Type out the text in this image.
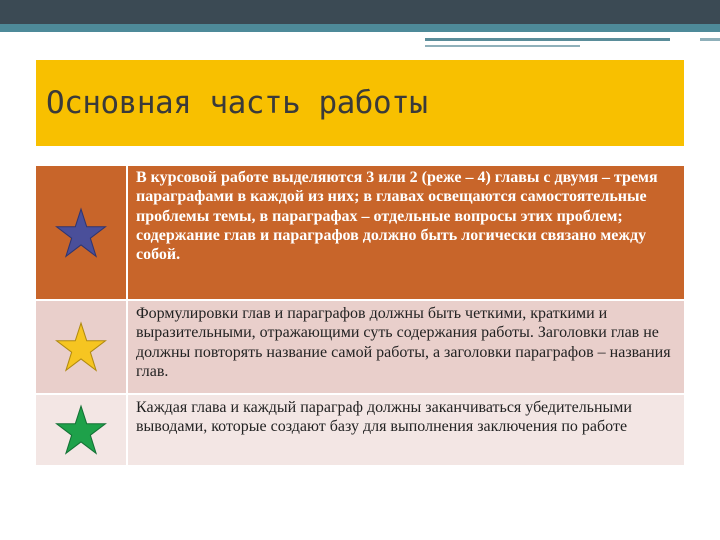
Основная часть работы
В курсовой работе выделяются 3 или 2 (реже – 4) главы с двумя – тремя параграфами в каждой из них; в главах освещаются самостоятельные проблемы темы, в параграфах – отдельные вопросы этих проблем; содержание глав и параграфов должно быть логически связано между собой.
Формулировки глав и параграфов должны быть четкими, краткими и выразительными, отражающими суть содержания работы. Заголовки глав не должны повторять название самой работы, а заголовки параграфов – названия глав.
Каждая глава и каждый параграф должны заканчиваться убедительными выводами, которые создают базу для выполнения заключения по работе
